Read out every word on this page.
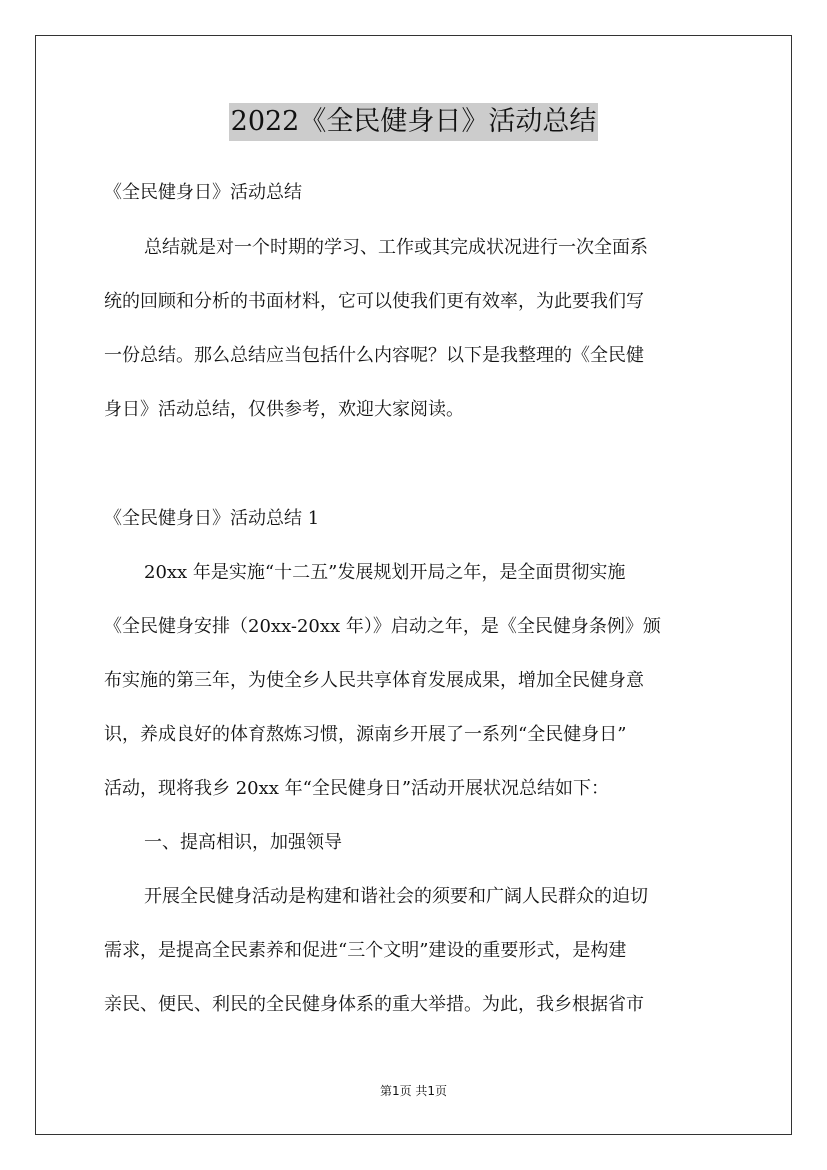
2022《全民健身日》活动总结
《全民健身日》活动总结
总结就是对一个时期的学习、工作或其完成状况进行一次全面系
统的回顾和分析的书面材料，它可以使我们更有效率，为此要我们写
一份总结。那么总结应当包括什么内容呢？以下是我整理的《全民健
身日》活动总结，仅供参考，欢迎大家阅读。
《全民健身日》活动总结 1
20xx 年是实施“十二五”发展规划开局之年，是全面贯彻实施
《全民健身安排（20xx-20xx 年）》启动之年，是《全民健身条例》颁
布实施的第三年，为使全乡人民共享体育发展成果，增加全民健身意
识，养成良好的体育熬炼习惯，源南乡开展了一系列“全民健身日”
活动，现将我乡 20xx 年“全民健身日”活动开展状况总结如下：
一、提高相识，加强领导
开展全民健身活动是构建和谐社会的须要和广阔人民群众的迫切
需求，是提高全民素养和促进“三个文明”建设的重要形式，是构建
亲民、便民、利民的全民健身体系的重大举措。为此，我乡根据省市
第1页 共1页
